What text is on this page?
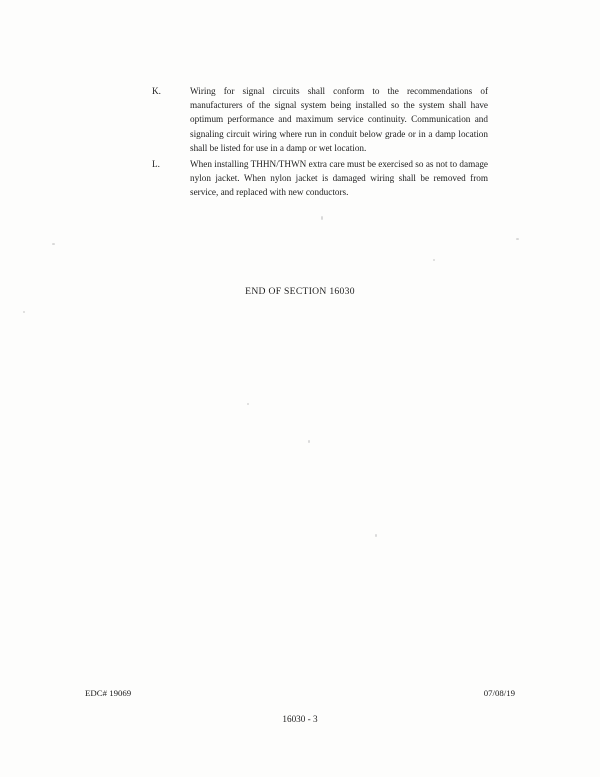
K.	Wiring for signal circuits shall conform to the recommendations of manufacturers of the signal system being installed so the system shall have optimum performance and maximum service continuity. Communication and signaling circuit wiring where run in conduit below grade or in a damp location shall be listed for use in a damp or wet location.
L.	When installing THHN/THWN extra care must be exercised so as not to damage nylon jacket. When nylon jacket is damaged wiring shall be removed from service, and replaced with new conductors.
END OF SECTION 16030
EDC# 19069	07/08/19
16030 - 3
